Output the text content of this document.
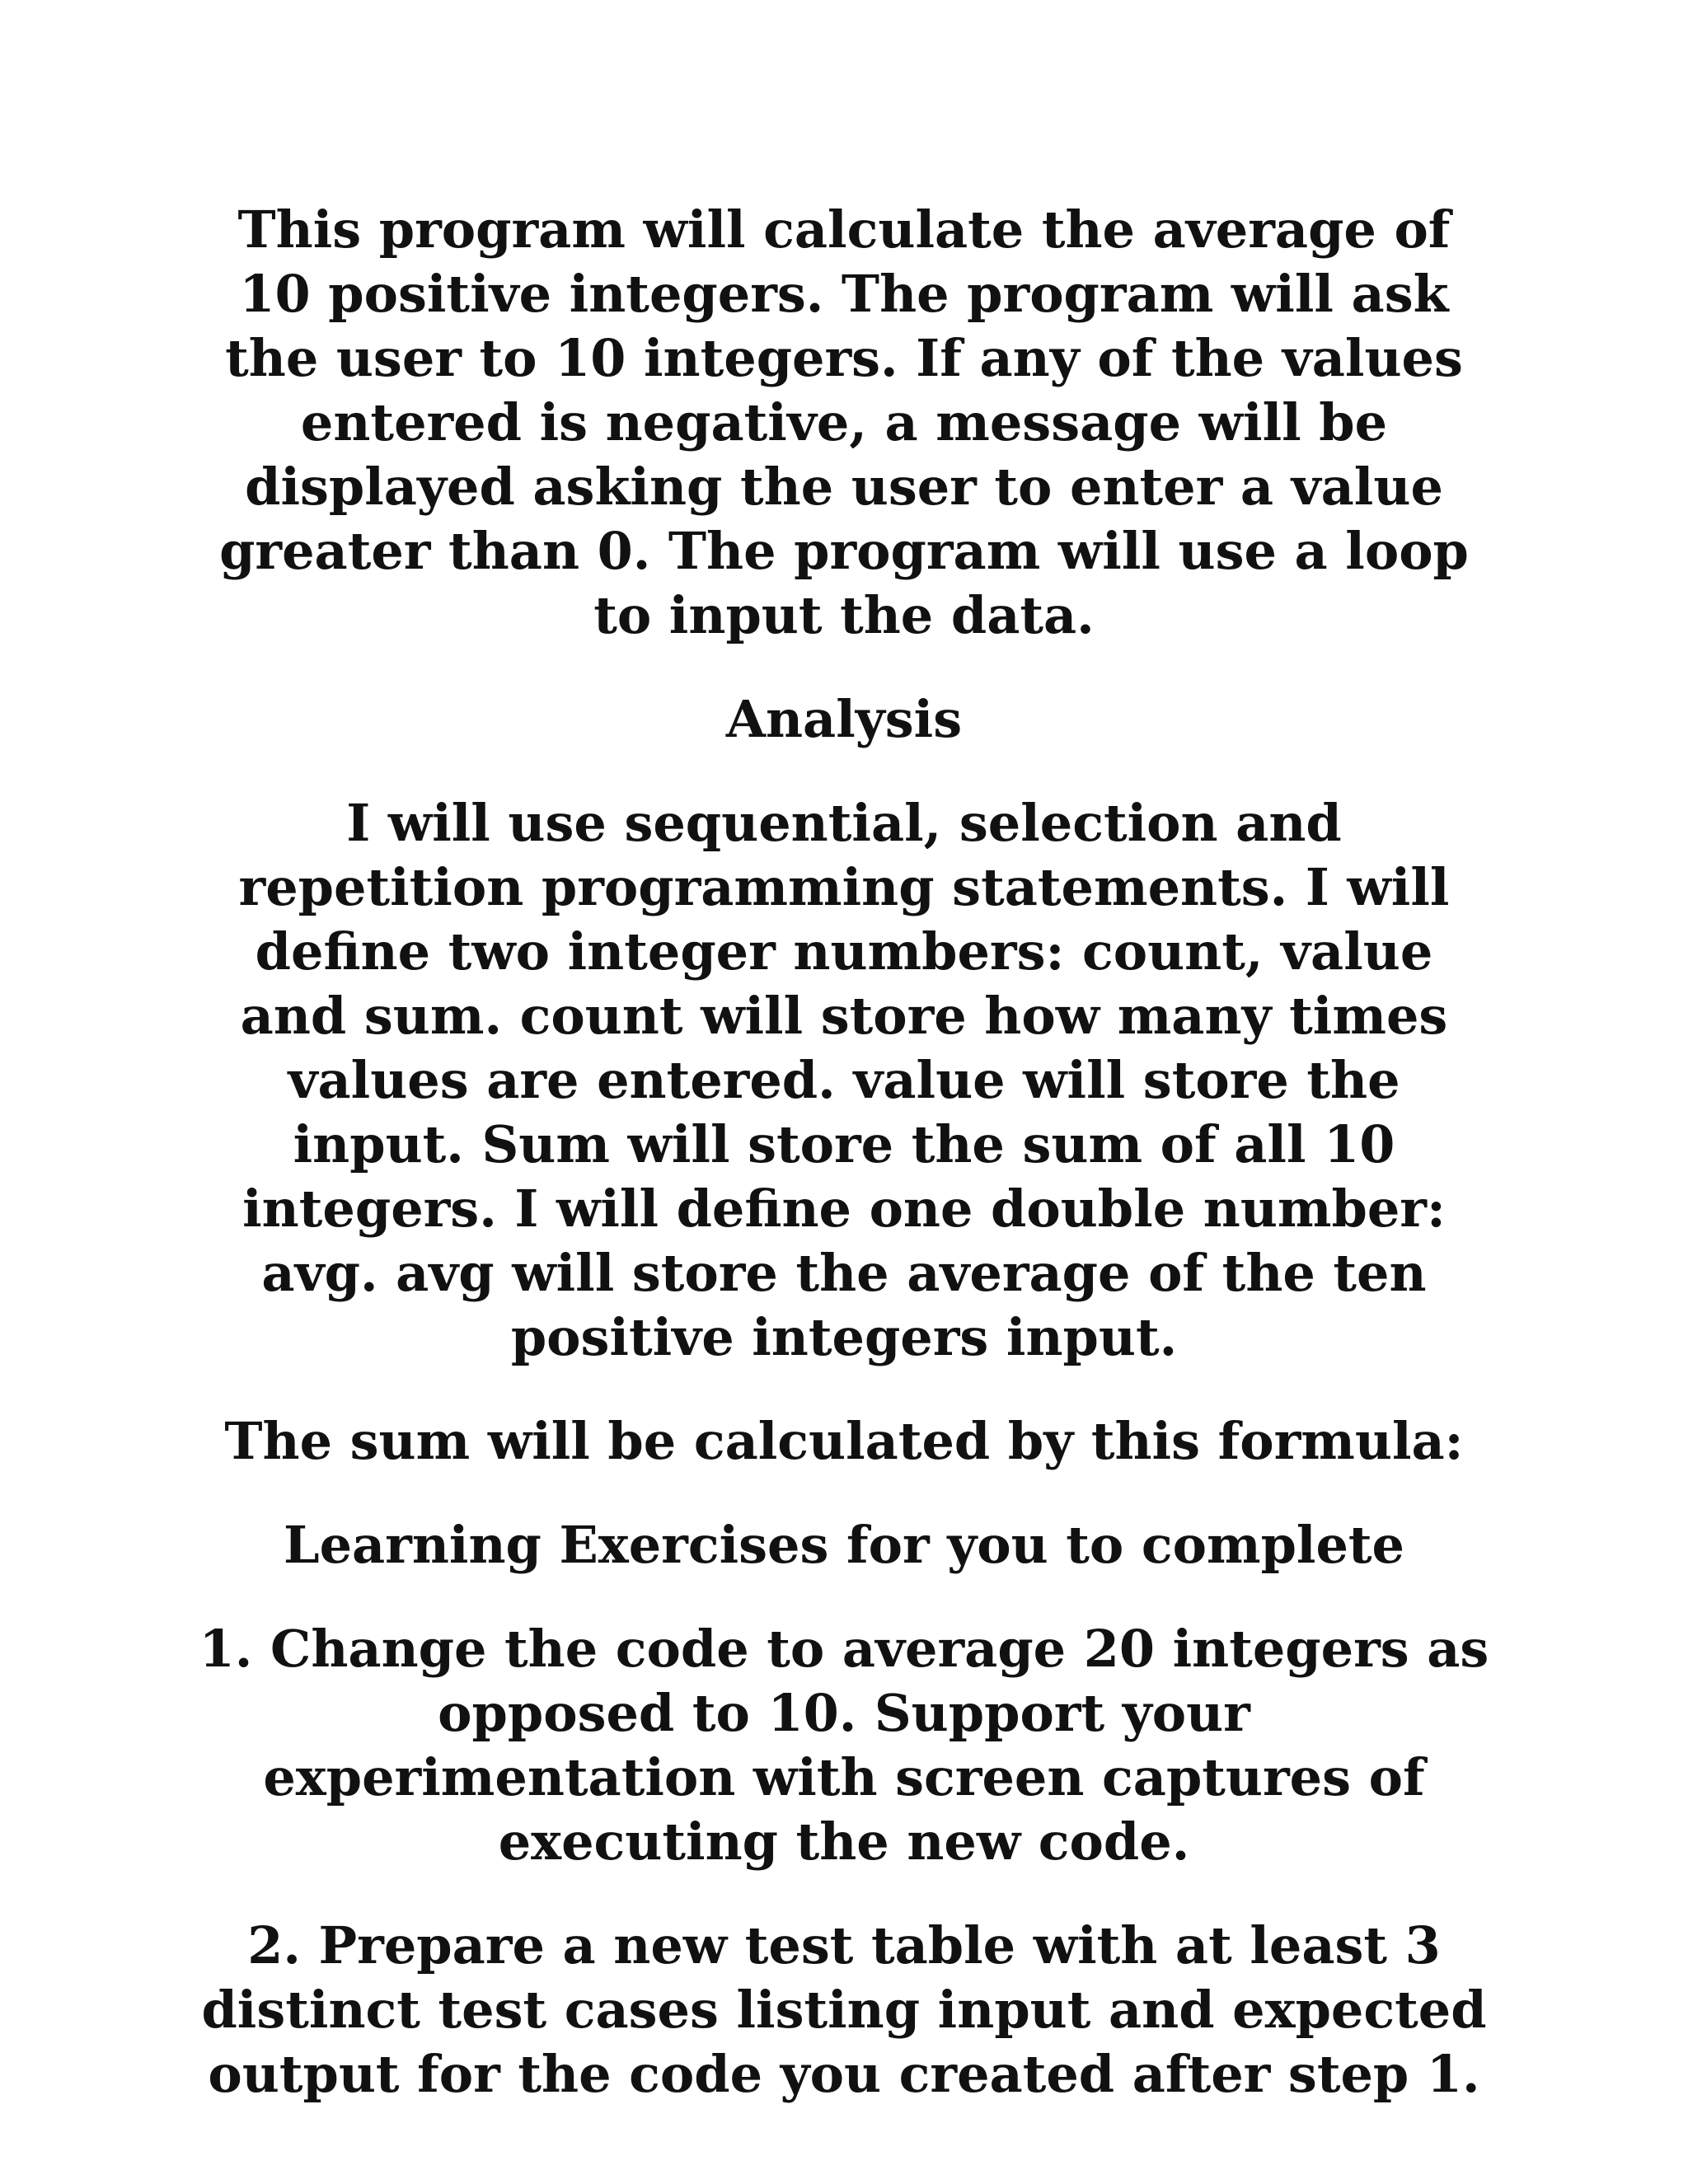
This program will calculate the average of 10 positive integers. The program will ask the user to 10 integers. If any of the values entered is negative, a message will be displayed asking the user to enter a value greater than 0. The program will use a loop to input the data.

Analysis

I will use sequential, selection and repetition programming statements. I will define two integer numbers: count, value and sum. count will store how many times values are entered. value will store the input. Sum will store the sum of all 10 integers. I will define one double number: avg. avg will store the average of the ten positive integers input.

The sum will be calculated by this formula:

Learning Exercises for you to complete

1. Change the code to average 20 integers as opposed to 10. Support your experimentation with screen captures of executing the new code.

2. Prepare a new test table with at least 3 distinct test cases listing input and expected output for the code you created after step 1.
